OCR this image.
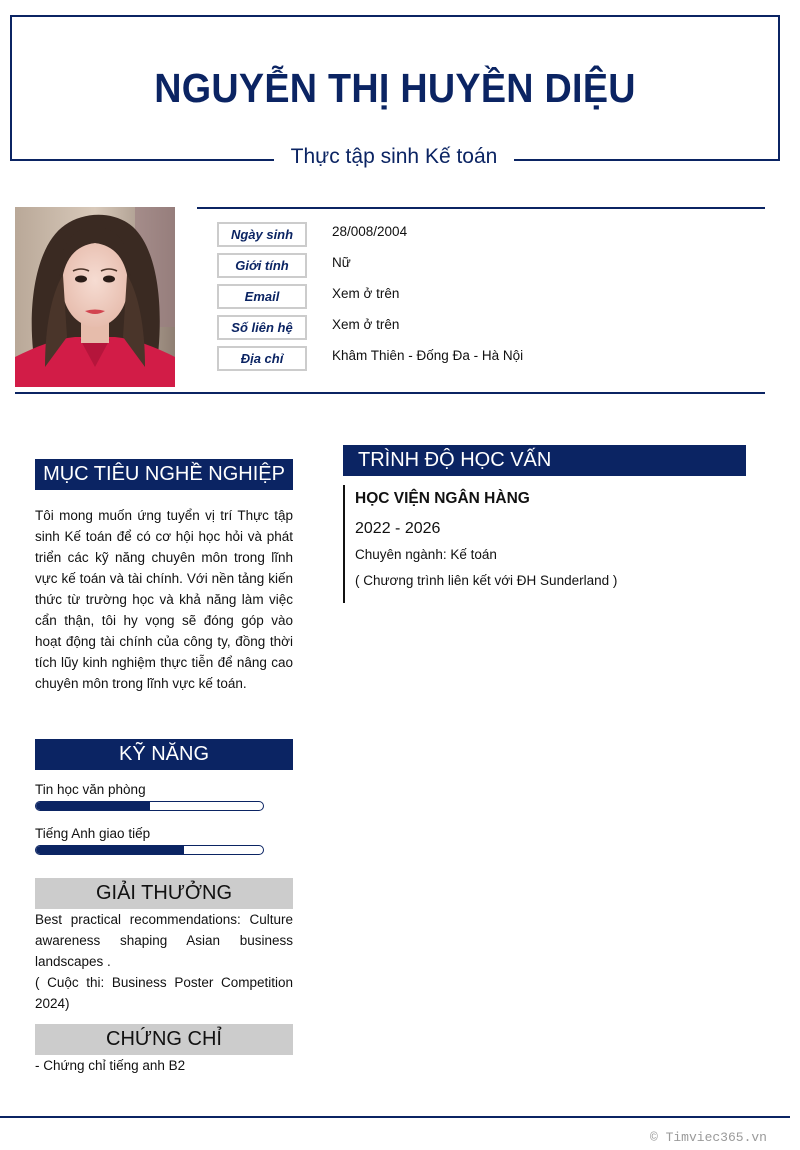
NGUYỄN THỊ HUYỀN DIỆU
Thực tập sinh Kế toán
Ngày sinh	28/008/2004
Giới tính	Nữ
Email	Xem ở trên
Số liên hệ	Xem ở trên
Địa chỉ	Khâm Thiên - Đống Đa - Hà Nội
MỤC TIÊU NGHỀ NGHIỆP

Tôi mong muốn ứng tuyển vị trí Thực tập sinh Kế toán để có cơ hội học hỏi và phát triển các kỹ năng chuyên môn trong lĩnh vực kế toán và tài chính. Với nền tảng kiến thức từ trường học và khả năng làm việc cẩn thận, tôi hy vọng sẽ đóng góp vào hoạt động tài chính của công ty, đồng thời tích lũy kinh nghiệm thực tiễn để nâng cao chuyên môn trong lĩnh vực kế toán.

KỸ NĂNG
Tin học văn phòng
Tiếng Anh giao tiếp
GIẢI THƯỞNG

Best practical recommendations: Culture awareness shaping Asian business landscapes .

( Cuộc thi: Business Poster Competition 2024)

CHỨNG CHỈ

- Chứng chỉ tiếng anh B2

TRÌNH ĐỘ HỌC VẤN
HỌC VIỆN NGÂN HÀNG
2022 - 2026
Chuyên ngành: Kế toán
( Chương trình liên kết với ĐH Sunderland )
© Timviec365.vn
